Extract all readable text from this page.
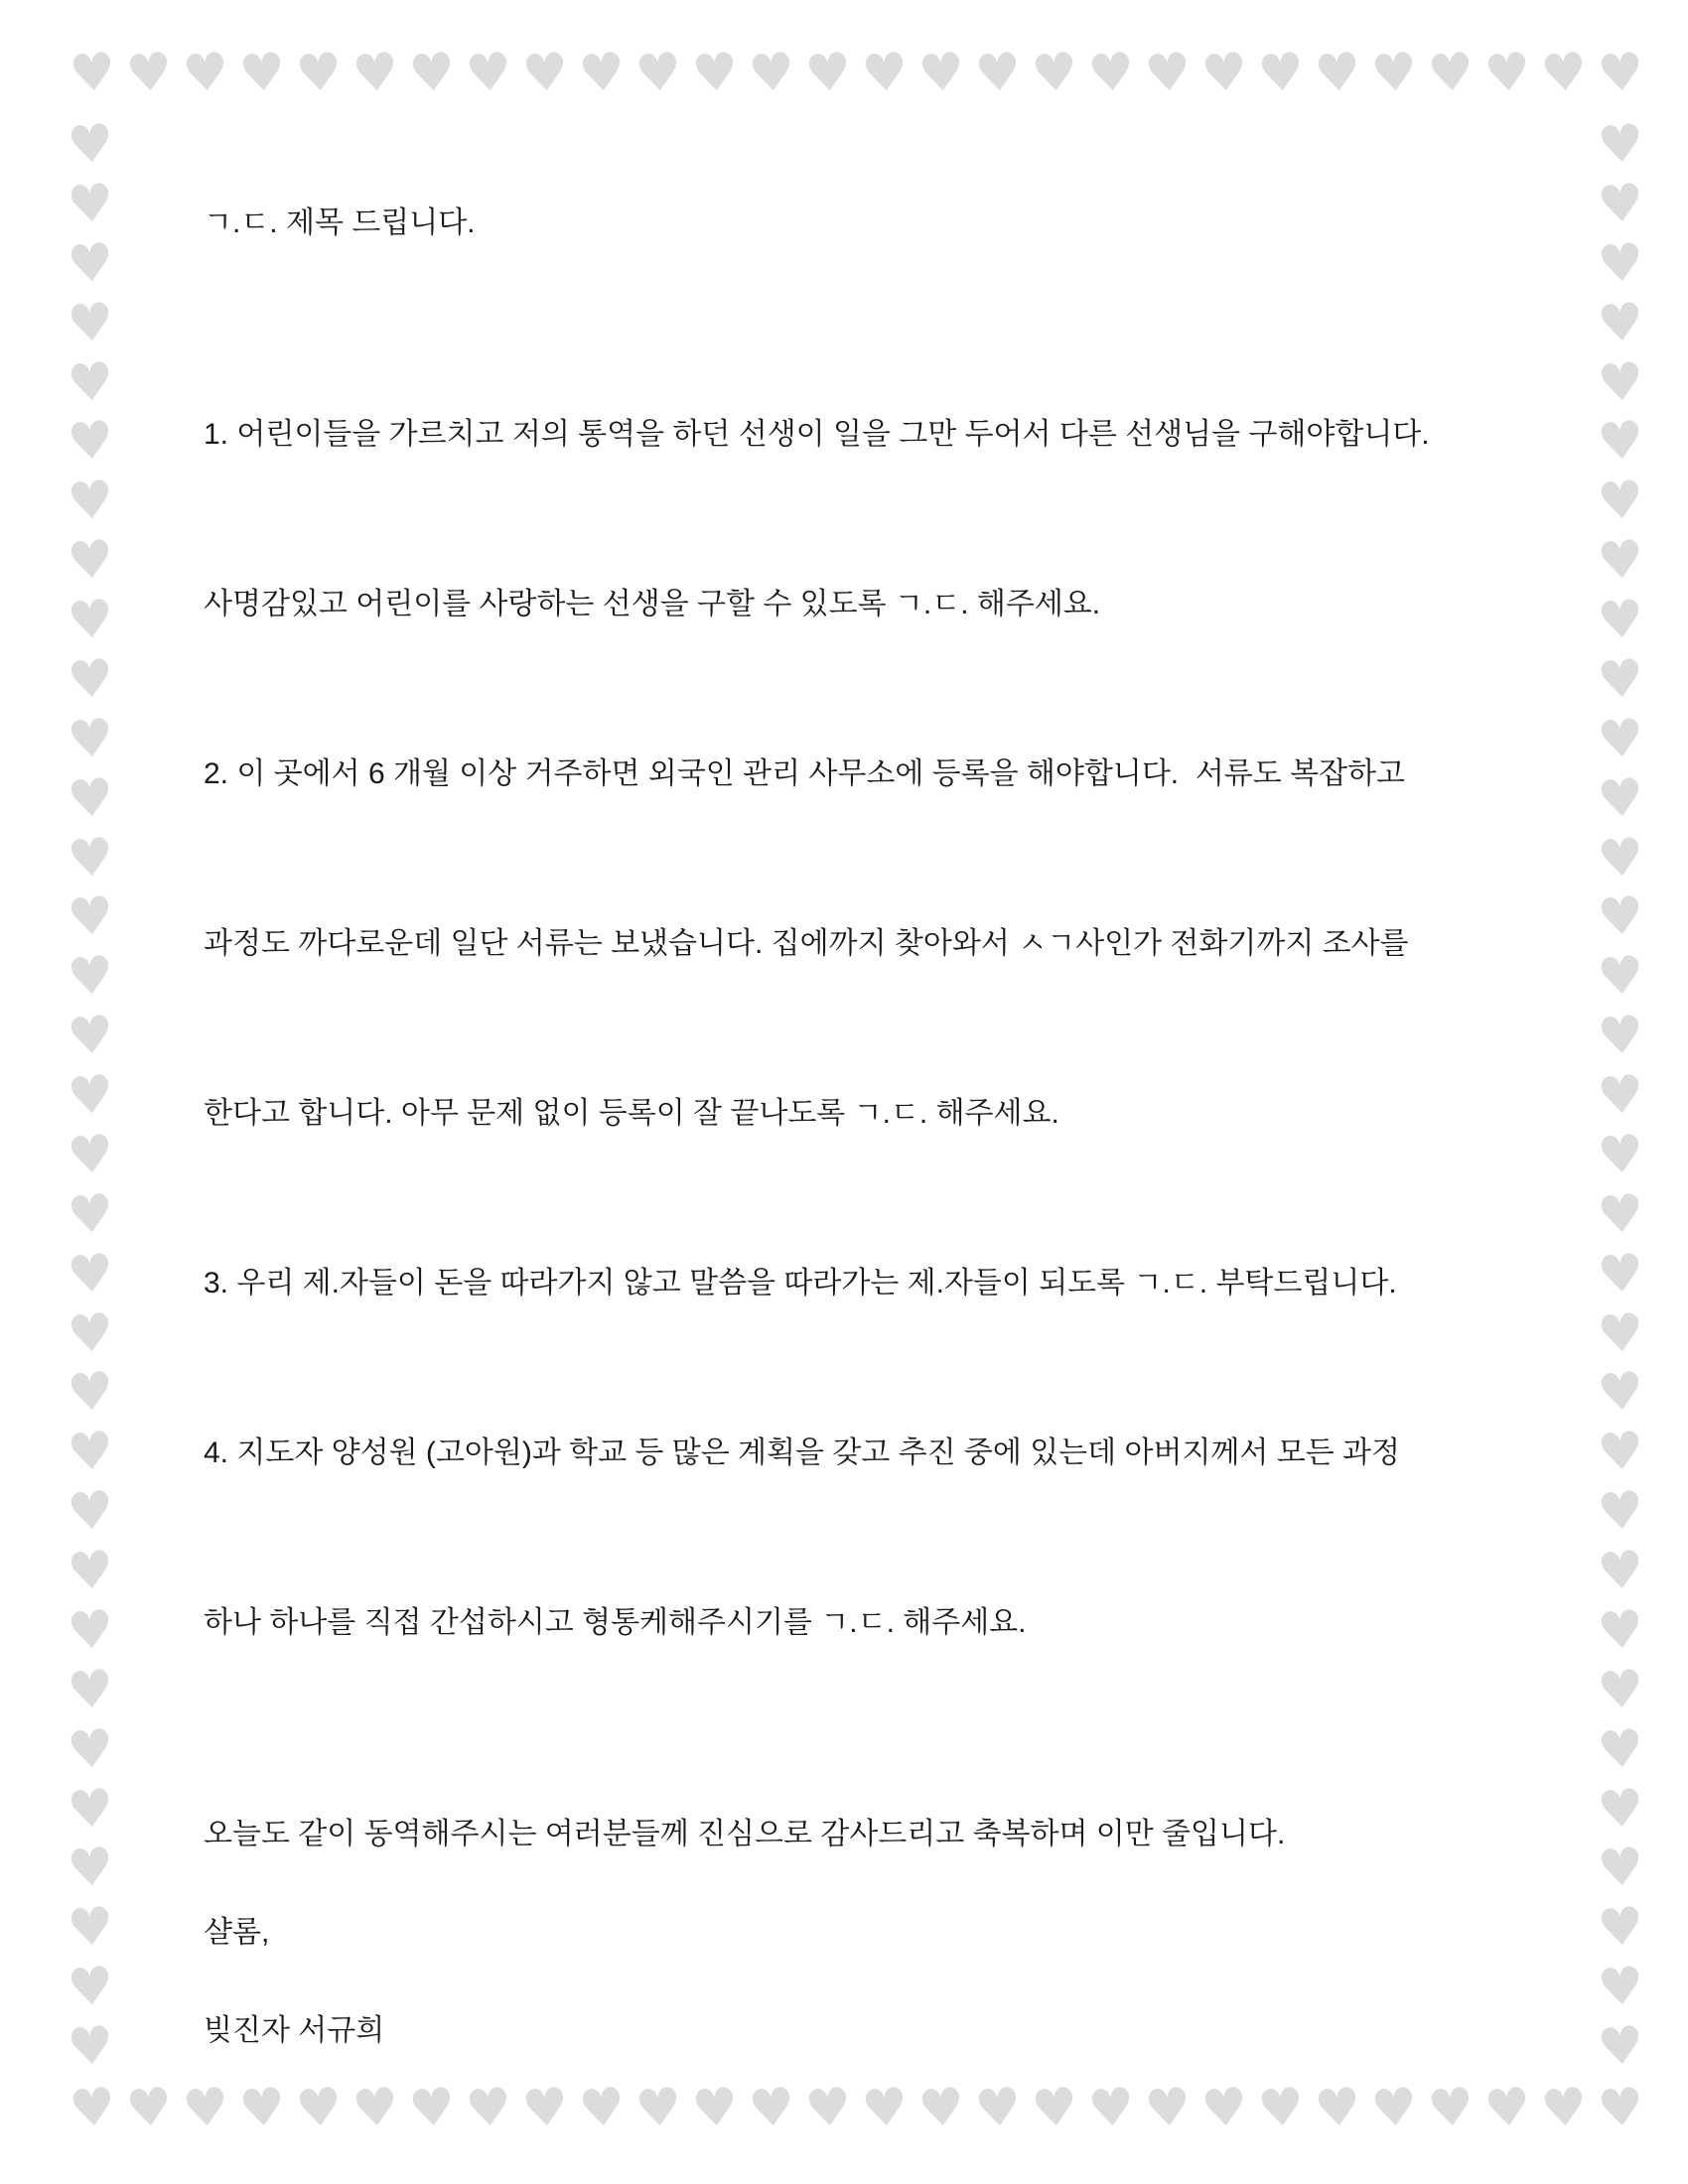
♥ ♥ ♥ ♥ ♥ ♥ ♥ ♥ ♥ ♥ ♥ ♥ ♥ ♥ ♥ ♥ ♥ ♥ ♥ ♥ ♥ ♥ ♥ ♥ ♥ ♥ ♥ ♥
♥ ♥ ♥ ♥ ♥ ♥ ♥ ♥ ♥ ♥ ♥ ♥ ♥ ♥ ♥ ♥ ♥ ♥ ♥ ♥ ♥ ♥ ♥ ♥ ♥ ♥ ♥ ♥
♥
♥
♥
♥
♥
♥
♥
♥
♥
♥
♥
♥
♥
♥
♥
♥
♥
♥
♥
♥
♥
♥
♥
♥
♥
♥
♥
♥
♥
♥
♥
♥
♥
♥
♥
♥
♥
♥
♥
♥
♥
♥
♥
♥
♥
♥
♥
♥
♥
♥
♥
♥
♥
♥
♥
♥
♥
♥
♥
♥
♥
♥
♥
♥
♥
♥

ㄱ.ㄷ. 제목 드립니다.

1. 어린이들을 가르치고 저의 통역을 하던 선생이 일을 그만 두어서 다른 선생님을 구해야합니다.

사명감있고 어린이를 사랑하는 선생을 구할 수 있도록 ㄱ.ㄷ. 해주세요.

2. 이 곳에서 6 개월 이상 거주하면 외국인 관리 사무소에 등록을 해야합니다.  서류도 복잡하고

과정도 까다로운데 일단 서류는 보냈습니다. 집에까지 찾아와서 ㅅㄱ사인가 전화기까지 조사를

한다고 합니다. 아무 문제 없이 등록이 잘 끝나도록 ㄱ.ㄷ. 해주세요.

3. 우리 제.자들이 돈을 따라가지 않고 말씀을 따라가는 제.자들이 되도록 ㄱ.ㄷ. 부탁드립니다.

4. 지도자 양성원 (고아원)과 학교 등 많은 계획을 갖고 추진 중에 있는데 아버지께서 모든 과정

하나 하나를 직접 간섭하시고 형통케해주시기를 ㄱ.ㄷ. 해주세요.

오늘도 같이 동역해주시는 여러분들께 진심으로 감사드리고 축복하며 이만 줄입니다.

샬롬,

빚진자 서규희
